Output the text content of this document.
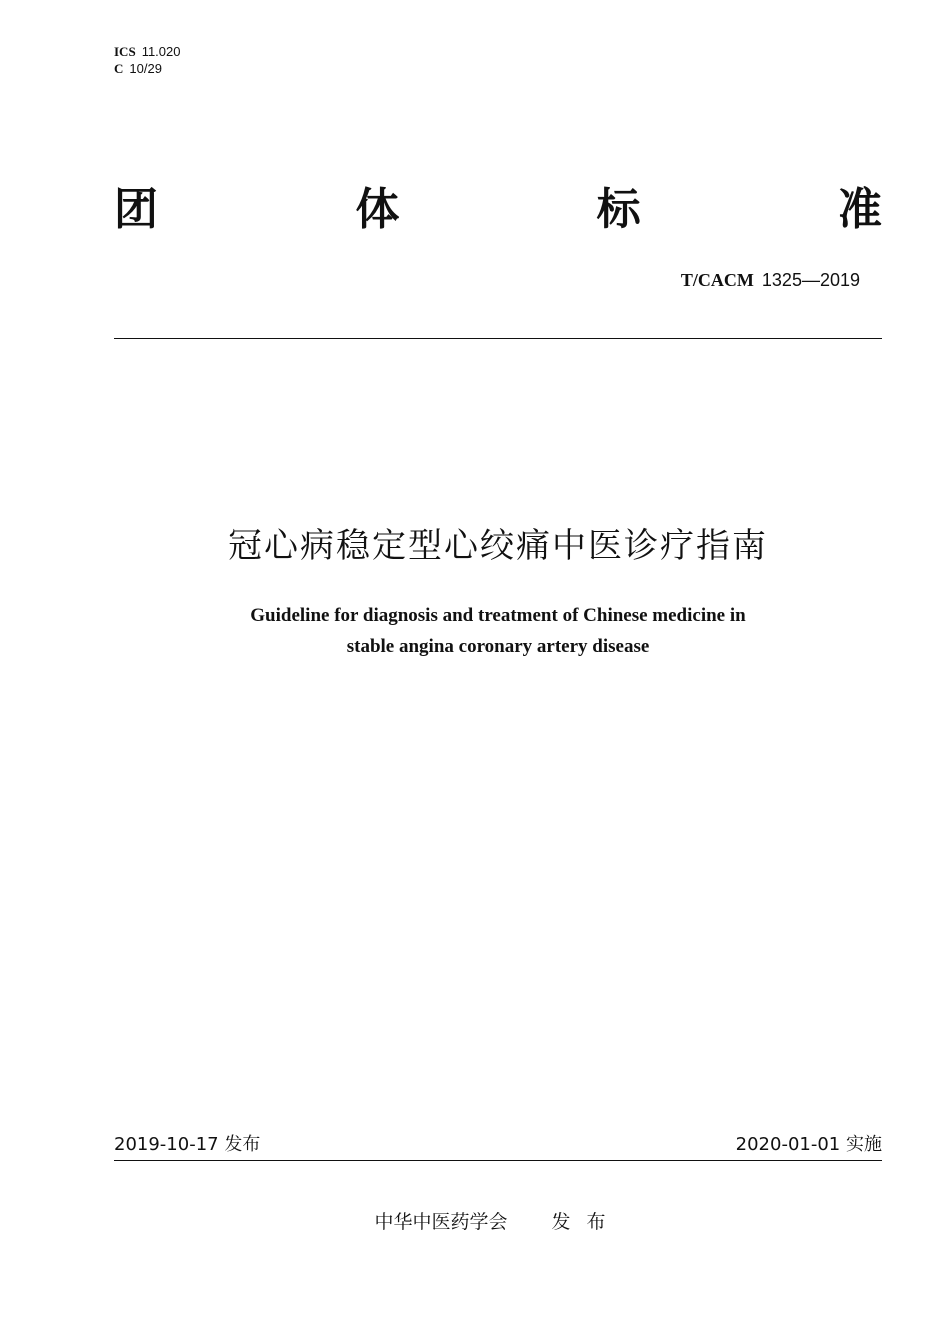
ICS 11.020
C 10/29
团	体	标	准
T/CACM 1325—2019
冠心病稳定型心绞痛中医诊疗指南
Guideline for diagnosis and treatment of Chinese medicine in
stable angina coronary artery disease
2019-10-17 发布	2020-01-01 实施
中华中医药学会 发布
